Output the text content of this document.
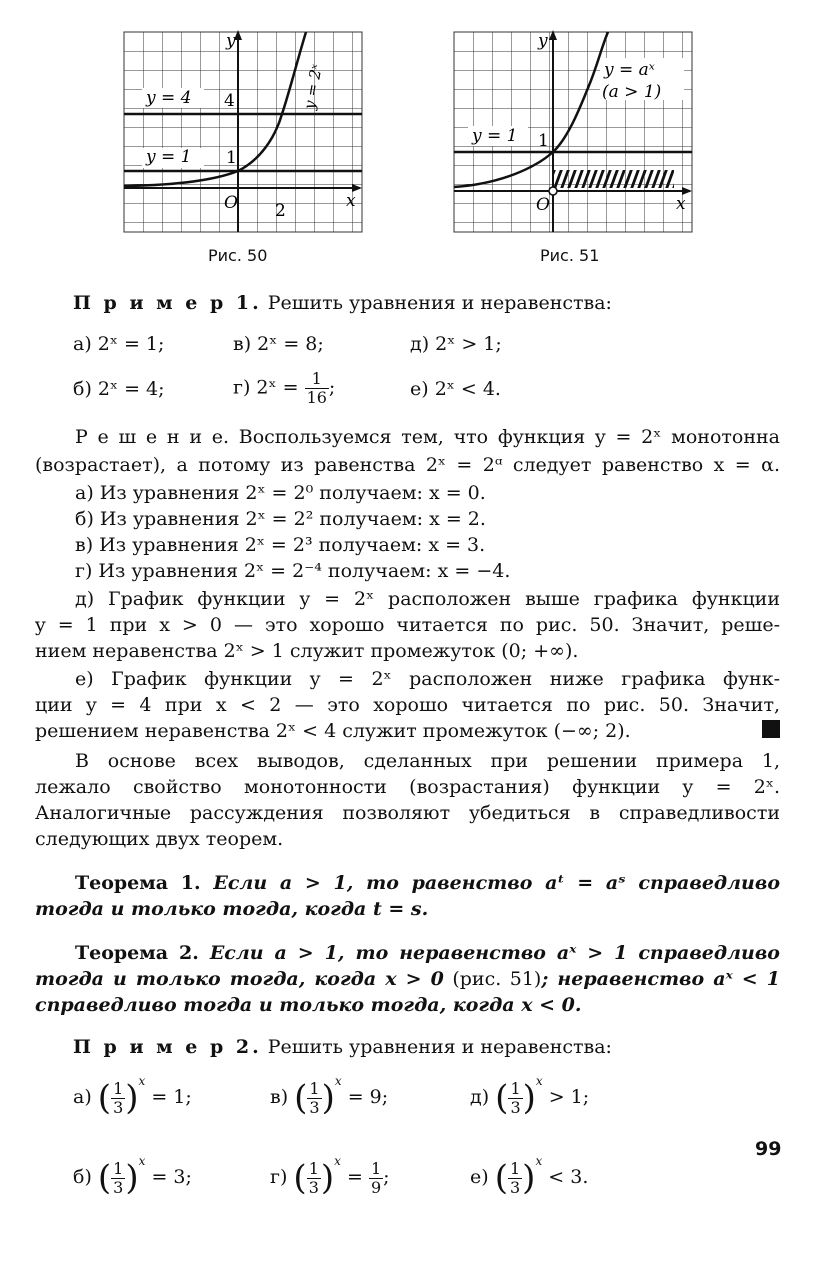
y = 4
y = 1
4
1
2
O
y
x
y = 2ˣ
Рис. 50
y = 1 1
O
y
x
y = aˣ
(a > 1)
Рис. 51
П р и м е р 1. Решить уравнения и неравенства:
а) 2ˣ = 1;	в) 2ˣ = 8;	д) 2ˣ > 1;
б) 2ˣ = 4;	г) 2ˣ = $\frac{1}{16}$ ;	е) 2ˣ < 4.
Р е ш е н и е. Воспользуемся тем, что функция y = 2ˣ монотонна
(возрастает), а потому из равенства 2ˣ = 2ᵅ следует равенство x = α.
а) Из уравнения 2ˣ = 2⁰ получаем: x = 0.
б) Из уравнения 2ˣ = 2² получаем: x = 2.
в) Из уравнения 2ˣ = 2³ получаем: x = 3.
г) Из уравнения 2ˣ = 2⁻⁴ получаем: x = −4.
д) График функции y = 2ˣ расположен выше графика функции
y = 1 при x > 0 — это хорошо читается по рис. 50. Значит, реше-
нием неравенства 2ˣ > 1 служит промежуток (0; +∞).
е) График функции y = 2ˣ расположен ниже графика функ-
ции y = 4 при x < 2 — это хорошо читается по рис. 50. Значит,
решением неравенства 2ˣ < 4 служит промежуток (−∞; 2).
В основе всех выводов, сделанных при решении примера 1,
лежало свойство монотонности (возрастания) функции y = 2ˣ.
Аналогичные рассуждения позволяют убедиться в справедливости
следующих двух теорем.
Теорема 1. Если a > 1, то равенство aᵗ = aˢ справедливо
тогда и только тогда, когда t = s.
Теорема 2. Если a > 1, то неравенство aˣ > 1 справедливо
тогда и только тогда, когда x > 0 (рис. 51); неравенство aˣ < 1
справедливо тогда и только тогда, когда x < 0.
П р и м е р 2. Решить уравнения и неравенства:
а) ( $\frac{1}{3} )^x = 1$;	в) ( $\frac{1}{3} )^x = 9$;	д) ( $\frac{1}{3} )^x > 1$;
б) ( $\frac{1}{3} )^x = 3$;	г) ( $\frac{1}{3} )^x = \frac{1}{9}$ ;	е) ( $\frac{1}{3} )^x < 3$.
99
